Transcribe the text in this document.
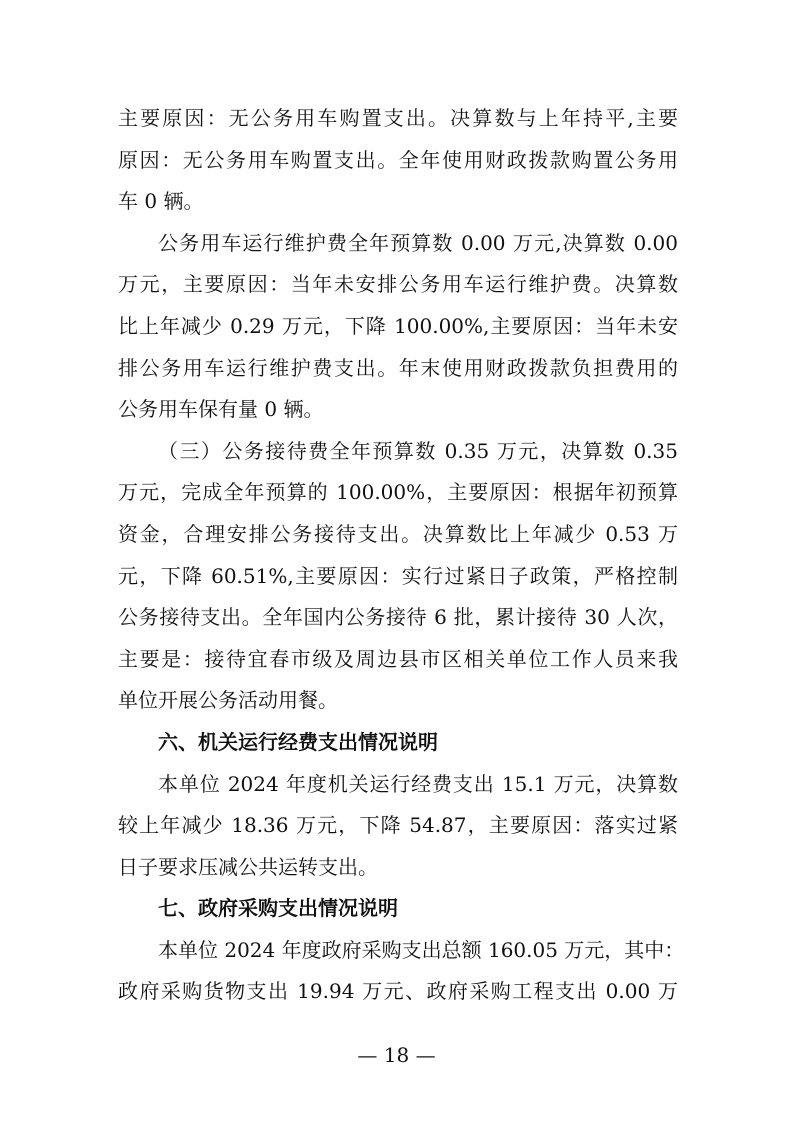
主要原因：无公务用车购置支出。决算数与上年持平,主要
原因：无公务用车购置支出。全年使用财政拨款购置公务用
车 0 辆。
公务用车运行维护费全年预算数 0.00 万元,决算数 0.00
万元，主要原因：当年未安排公务用车运行维护费。决算数
比上年减少 0.29 万元，下降 100.00%,主要原因：当年未安
排公务用车运行维护费支出。年末使用财政拨款负担费用的
公务用车保有量 0 辆。
（三）公务接待费全年预算数 0.35 万元，决算数 0.35
万元，完成全年预算的 100.00%，主要原因：根据年初预算
资金，合理安排公务接待支出。决算数比上年减少 0.53 万
元，下降 60.51%,主要原因：实行过紧日子政策，严格控制
公务接待支出。全年国内公务接待 6 批，累计接待 30 人次，
主要是：接待宜春市级及周边县市区相关单位工作人员来我
单位开展公务活动用餐。
六、机关运行经费支出情况说明
本单位 2024 年度机关运行经费支出 15.1 万元，决算数
较上年减少 18.36 万元，下降 54.87，主要原因：落实过紧
日子要求压减公共运转支出。
七、政府采购支出情况说明
本单位 2024 年度政府采购支出总额 160.05 万元，其中：
政府采购货物支出 19.94 万元、政府采购工程支出 0.00 万
— 18 —
